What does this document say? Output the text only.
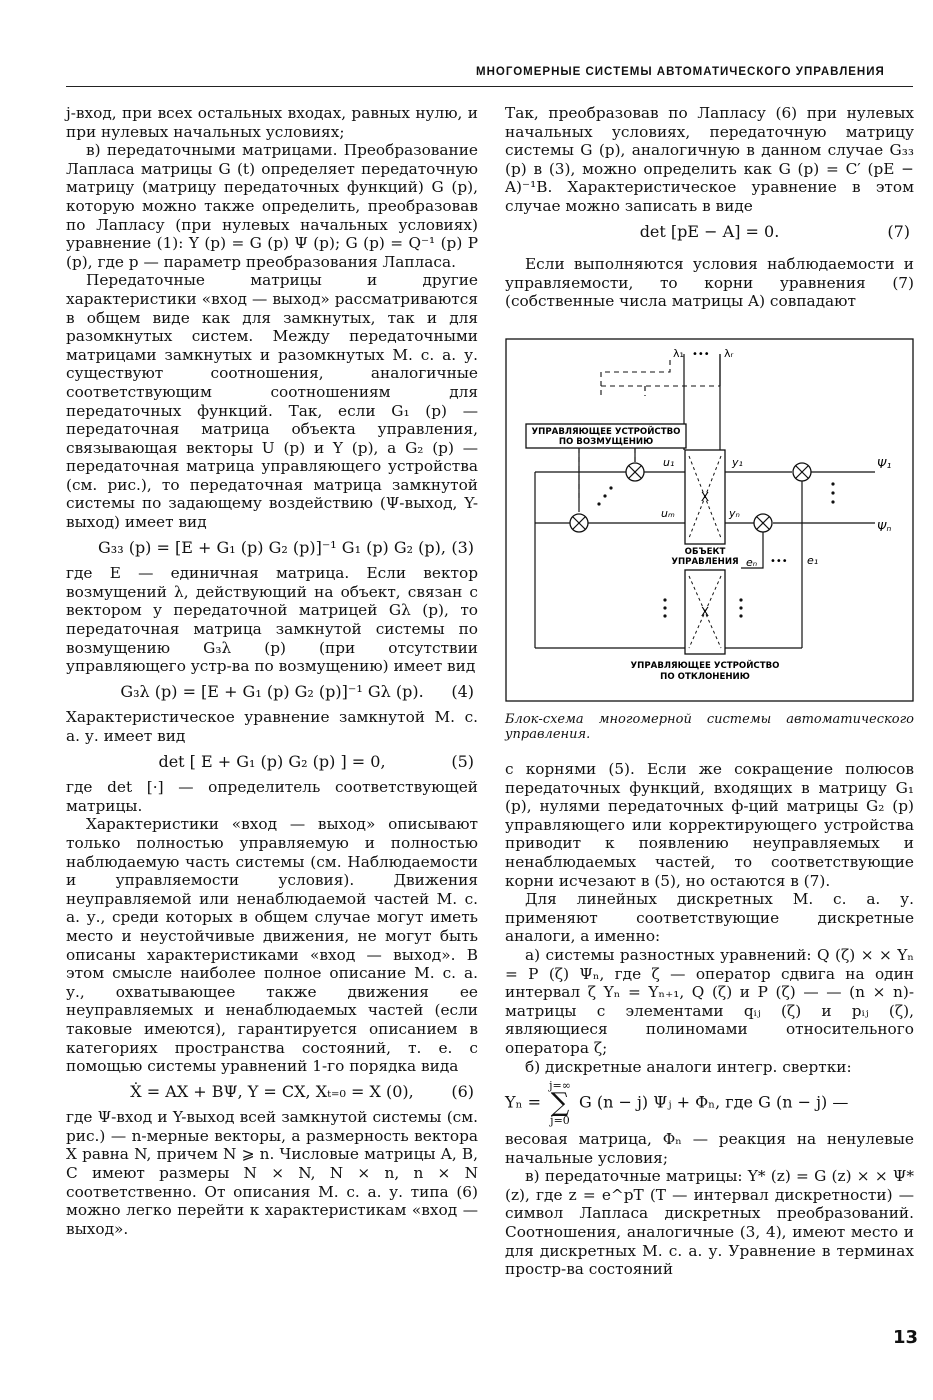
МНОГОМЕРНЫЕ СИСТЕМЫ АВТОМАТИЧЕСКОГО УПРАВЛЕНИЯ

j-вход, при всех остальных входах, равных нулю, и при нулевых начальных условиях;

в) передаточными матрицами. Преобразование Лапласа матрицы G (t) определяет передаточную матрицу (матрицу передаточных функций) G (p), которую можно также определить, преобразовав по Лапласу (при нулевых начальных условиях) уравнение (1): Y (p) = G (p) Ψ (p); G (p) = Q⁻¹ (p) P (p), где p — параметр преобразования Лапласа.

Передаточные матрицы и другие характеристики «вход — выход» рассматриваются в общем виде как для замкнутых, так и для разомкнутых систем. Между передаточными матрицами замкнутых и разомкнутых М. с. а. у. существуют соотношения, аналогичные соответствующим соотношениям для передаточных функций. Так, если G₁ (p) — передаточная матрица объекта управления, связывающая векторы U (p) и Y (p), а G₂ (p) — передаточная матрица управляющего устройства (см. рис.), то передаточная матрица замкнутой системы по задающему воздействию (Ψ-выход, Y-выход) имеет вид

G₃₃ (p) = [E + G₁ (p) G₂ (p)]⁻¹ G₁ (p) G₂ (p), (3)

где E — единичная матрица. Если вектор возмущений λ, действующий на объект, связан с вектором y передаточной матрицей Gλ (p), то передаточная матрица замкнутой системы по возмущению G₃λ (p) (при отсутствии управляющего устр-ва по возмущению) имеет вид

G₃λ (p) = [E + G₁ (p) G₂ (p)]⁻¹ Gλ (p). (4)

Характеристическое уравнение замкнутой М. с. а. у. имеет вид

det [ E + G₁ (p) G₂ (p) ] = 0,	(5)

где det [·] — определитель соответствующей матрицы.

Характеристики «вход — выход» описывают только полностью управляемую и полностью наблюдаемую часть системы (см. Наблюдаемости и управляемости условия). Движения неуправляемой или ненаблюдаемой частей М. с. а. у., среди которых в общем случае могут иметь место и неустойчивые движения, не могут быть описаны характеристиками «вход — выход». В этом смысле наиболее полное описание М. с. а. у., охватывающее также движения ее неуправляемых и ненаблюдаемых частей (если таковые имеются), гарантируется описанием в категориях пространства состояний, т. е. с помощью системы уравнений 1-го порядка вида

Ẋ = AX + BΨ, Y = CX, Xₜ₌₀ = X (0), (6)

где Ψ-вход и Y-выход всей замкнутой системы (см. рис.) — n-мерные векторы, а размерность вектора X равна N, причем N ⩾ n. Числовые матрицы A, B, C имеют размеры N × N, N × n, n × N соответственно. От описания М. с. а. у. типа (6) можно легко перейти к характеристикам «вход — выход».

Так, преобразовав по Лапласу (6) при нулевых начальных условиях, передаточную матрицу системы G (p), аналогичную в данном случае G₃₃ (p) в (3), можно определить как G (p) = C′ (pE − A)⁻¹B. Характеристическое уравнение в этом случае можно записать в виде

det [pE − A] = 0.	(7)

Если выполняются условия наблюдаемости и управляемости, то корни уравнения (7) (собственные числа матрицы A) совпадают

λ₁ ••• λᵣ
УПРАВЛЯЮЩЕЕ УСТРОЙСТВО
ПО ВОЗМУЩЕНИЮ
X
ОБЪЕКТ
УПРАВЛЕНИЯ
u₁
uₘ
y₁
yₙ
Ψ₁
Ψₙ
eₙ ••• e₁
X
УПРАВЛЯЮЩЕЕ УСТРОЙСТВО
ПО ОТКЛОНЕНИЮ
Блок-схема многомерной системы автоматического управления.

с корнями (5). Если же сокращение полюсов передаточных функций, входящих в матрицу G₁ (p), нулями передаточных ф-ций матрицы G₂ (p) управляющего или корректирующего устройства приводит к появлению неуправляемых и ненаблюдаемых частей, то соответствующие корни исчезают в (5), но остаются в (7).

Для линейных дискретных М. с. а. у. применяют соответствующие дискретные аналоги, а именно:

а) системы разностных уравнений: Q (ζ) × × Yₙ = P (ζ) Ψₙ, где ζ — оператор сдвига на один интервал ζ Yₙ = Yₙ₊₁, Q (ζ) и P (ζ) — — (n × n)-матрицы с элементами qᵢⱼ (ζ) и pᵢⱼ (ζ), являющиеся полиномами относительного оператора ζ;

б) дискретные аналоги интегр. свертки:

Yₙ = j=∞
∑
j=0 G (n − j) Ψⱼ + Φₙ, где G (n − j) —

весовая матрица, Φₙ — реакция на ненулевые начальные условия;

в) передаточные матрицы: Y* (z) = G (z) × × Ψ* (z), где z = e^pT (T — интервал дискретности) — символ Лапласа дискретных преобразований. Соотношения, аналогичные (3, 4), имеют место и для дискретных М. с. а. у. Уравнение в терминах простр-ва состояний

13
